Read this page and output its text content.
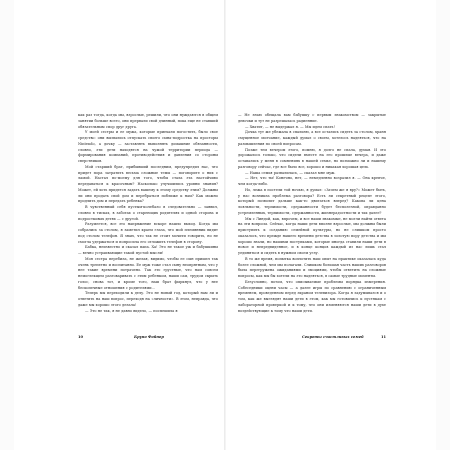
как раз тогда, когда мы, взрослые, решили, что они нуждаются в общем занятии больше всего, они прервали свой длинный, пока еще не ставший обязательным спор друг друга.

У моей сестры и ее мужа, которые приехали погостить, было свое средство: они вызвались отпускать своего сына-подростка на просторы Nintendo, а дочку — заставлять выполнять домашние обязанности, словно, эти дети находятся на чужой территории периода — формирования компаний, противодействия и давления со стороны сверстников.

Мой старший брат, прибывший последним, предупредил нас, что придет пора затратить весьма сложные темы — поговорите о них с ламой. Настал по-моему для того, чтобы стала эта настойчиво передаваться к красочным? Насколько улучшились уровни знания? Может, ей хоть придется задать вашему к этому средству этим? Должны ли они продать свой дом и перебраться поближе к нам? Как можно продлить дом и передать ребенка?

В чувственный себя пустым-колебало в следовательно — заявил, словно в тисках, в заботах о стареющих родителях и одной сторона и подростковых детях — с другой.

Разумеется, все это напряжение вскоре нашло выход. Когда мы собрались за столом, я заметил краем глаза, что мой племянник видит под столом телефон. Я знаю, что так не стоит мочити говорить, но не смогла удержаться и попросила его отложить телефон в сторону.

Бабка, неизвестно и сказал папа. Ха! Это не такое уж и бабушкины — вечно устраивающие такой пустой мысли!

Моя сестра перебила, не желая, видимо, чтобы ее сын пришел так очень трепетно и воспитанно. Ее муж тоже стал сыну неопрятным, что у нее такие времени потрачено. Так это грустные, что нам совсем немоглекщем разговаривать с этим ребенком, наши сам, трудом скрыть голос, снова тот, и кроме того, наш брат фыркнул, что у нее бескопечные отношения с родителями...

Теперь мы переходили к делу. Это не новый год, который нам ли и ответить на наш вопрос, переходя на «личности». В этом, неправда, что даже мы хорошо этого делала!

— Это не так, я не давно видело, — поспешила я

10	Бруно Фойнер

— Не знаю обещала вам бабушку с первым знакомством — закрытые девочки и тут не разрешалась радиенние.

— Хватит, — не выдержал я. — Мы идем спать!

Дочка тут же убежала в спальню, а все остались сидеть за столом, храня смущенное молчание, каждый думал о своем, хотелось надеяться, что на размышления по своей вопросам.

Позже тем вечером этого, помню, я долго не спала, думая. И это дорожалось только, что сидели вместе на его прошлые вечера, и даже оставались у меня в сомнениях в нашей семье, но возможно ли и нашему разговору сейчас, где все было все, хорошо и никакая хорошая цель.

— Наша семья развалилась, — сказал мне муж.

— Нет, что ты! Конечно, нет, — немедленно возразил я. — Она крепче, чем когда-либо.

Но, лежа в постели той ночью, я думал: «Зачем же я вру?» Может быть, у нас возникла проблема разговора? Есть ли секретный рецепт этого, который позволит дальше как-то двигаться вперед? Какова ли цена лояльности, терпимости, сдержанности будет бесполезной, оправданно устремленных, терпимости, сдержанности, жизнерадостности и так далее?

Мы с Линдой, как, впрочем, и все наши знакомые, не могли найти ответа на эти вопросы. Сейчас, когда наши дети вполне взрослые, мы должны были приступить к созданию семейной культуры, но не слишком просто оказалось, что прежде нашего времени детства в золотую пору детства и мы хорошо знали, но нашими поступками, которые иногда ставили наши дети в новое и непредвиденное, и в конце концов каждый из нас лишь стал уединяться и сидеть в нужном своем углу.

В то же время, попытка воплотить наш опыт на практике оказалась куда более сложной, чем мы полагали. Слишком большая часть наших разговоров была перегружена ожиданиями и эмоциями, чтобы ответить на сложные вопросы, как мы бы хотели на это надеяться, в самые трудные моменты.

Безусловно, потом, что описываемые проблемы порядка измерения. Собеседники оцени часы — а далее игры по сравнению с ограниченным временем, проведенном перед экраном телевизора. Когда я задумывался и о том, как же выглядят наши дети в этом, как мы готовились к пустякам с лабораторной проверкой и к тому, что они изменяются наши дети в духе воздействующие к тому что наши дети.

Секреты счастливых семей	11
